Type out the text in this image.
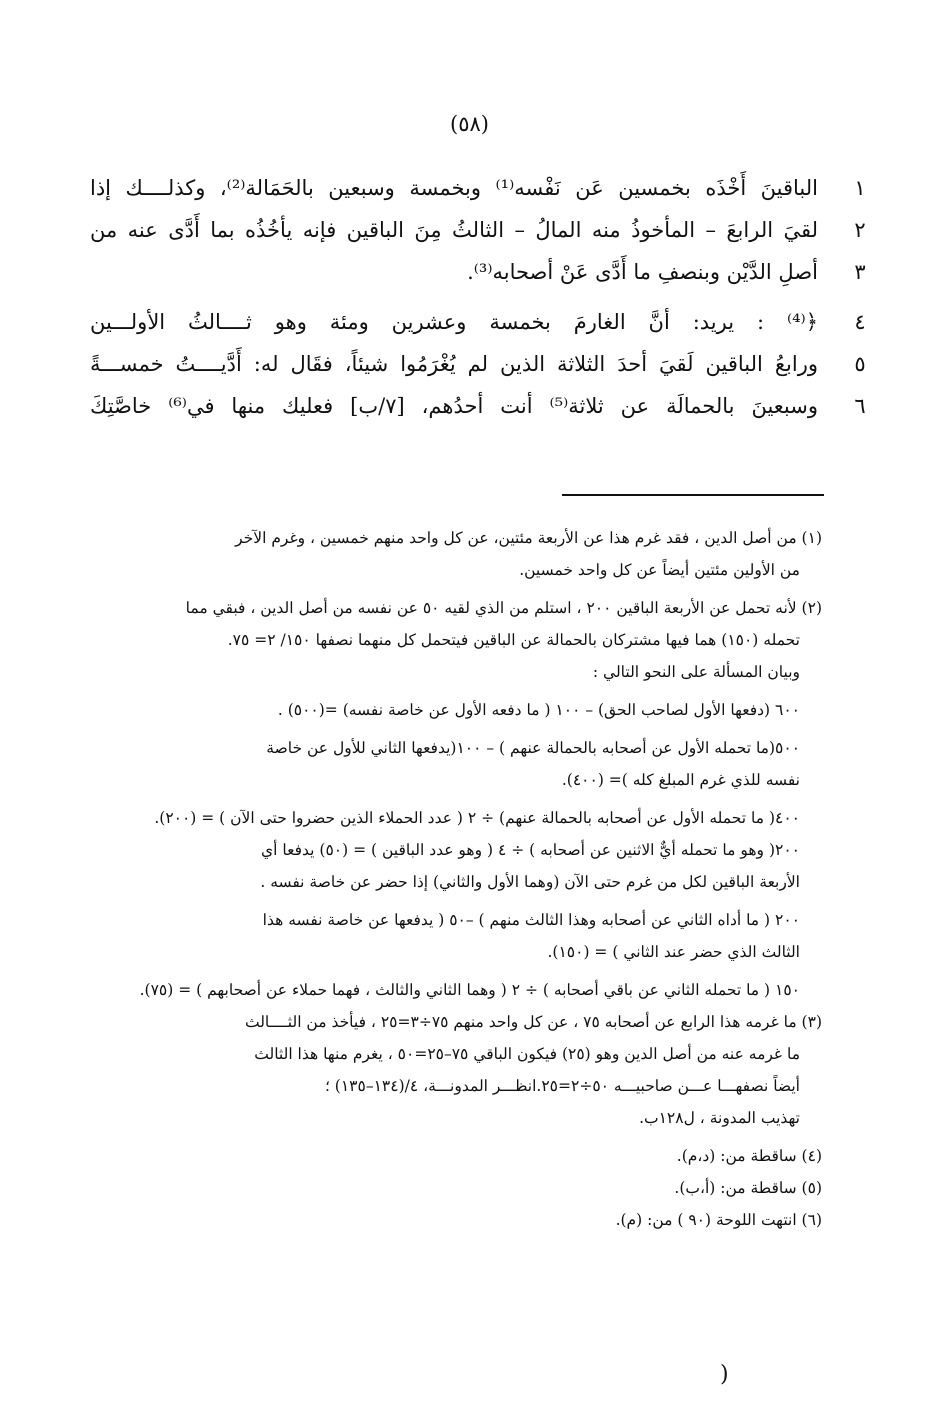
(٥٨)
١
الباقينَ أَخْذَه بخمسين عَن نَفْسه⁽¹⁾ وبخمسة وسبعين بالحَمَالة⁽²⁾، وكذلــــك إذا
٢
لقيَ الرابعَ – المأخوذُ منه المالُ – الثالثُ مِنَ الباقين فإنه يأخُذُه بما أَدَّى عنه من
٣
أصلِ الدَّيْن وبنصفِ ما أَدَّى عَنْ أصحابه⁽³⁾.
٤
﴿⁽⁴⁾ : يريد: أنَّ الغارمَ بخمسة وعشرين ومئة وهو ثــــالثُ الأولـــين
٥
ورابعُ الباقين لَقيَ أحدَ الثلاثة الذين لم يُغْرَمُوا شيئاً، فقَال له: أَدَّيــــتُ خمســـةً
٦
وسبعينَ بالحمالَة عن ثلاثة⁽⁵⁾ أنت أحدُهم، [٧/ب] فعليك منها في⁽⁶⁾ خاصَّتِكَ
(١) من أصل الدين ، فقد غرم هذا عن الأربعة مئتين، عن كل واحد منهم خمسين ، وغرم الآخر
من الأولين مئتين أيضاً عن كل واحد خمسين.
(٢) لأنه تحمل عن الأربعة الباقين ٢٠٠ ، استلم من الذي لقيه ٥٠ عن نفسه من أصل الدين ، فبقي مما
تحمله (١٥٠) هما فيها مشتركان بالحمالة عن الباقين فيتحمل كل منهما نصفها ١٥٠/ ٢= ٧٥.
وبيان المسألة على النحو التالي :
٦٠٠ (دفعها الأول لصاحب الحق) – ١٠٠ ( ما دفعه الأول عن خاصة نفسه) =(٥٠٠) .
٥٠٠(ما تحمله الأول عن أصحابه بالحمالة عنهم ) – ١٠٠(يدفعها الثاني للأول عن خاصة
نفسه للذي غرم المبلغ كله )= (٤٠٠).
٤٠٠( ما تحمله الأول عن أصحابه بالحمالة عنهم) ÷ ٢ ( عدد الحملاء الذين حضروا حتى الآن ) = (٢٠٠).
٢٠٠( وهو ما تحمله أيٌّ الاثنين عن أصحابه ) ÷ ٤ ( وهو عدد الباقين ) = (٥٠) يدفعا أي
الأربعة الباقين لكل من غرم حتى الآن (وهما الأول والثاني) إذا حضر عن خاصة نفسه .
٢٠٠ ( ما أداه الثاني عن أصحابه وهذا الثالث منهم ) –٥٠ ( يدفعها عن خاصة نفسه هذا
الثالث الذي حضر عند الثاني ) = (١٥٠).
١٥٠ ( ما تحمله الثاني عن باقي أصحابه ) ÷ ٢ ( وهما الثاني والثالث ، فهما حملاء عن أصحابهم ) = (٧٥).
(٣) ما غرمه هذا الرابع عن أصحابه ٧٥ ، عن كل واحد منهم ٧٥÷٣=٢٥ ، فيأخذ من الثــــالث
ما غرمه عنه من أصل الدين وهو (٢٥) فيكون الباقي ٧٥–٢٥=٥٠ ، يغرم منها هذا الثالث
أيضاً نصفهـــا عـــن صاحبيـــه ٥٠÷٢=٢٥.انظـــر المدونـــة، ٤/(١٣٤–١٣٥) ؛
تهذيب المدونة ، ل١٢٨ب.
(٤) ساقطة من: (د،م).
(٥) ساقطة من: (أ،ب).
(٦) انتهت اللوحة (٩٠ ) من: (م).
(
